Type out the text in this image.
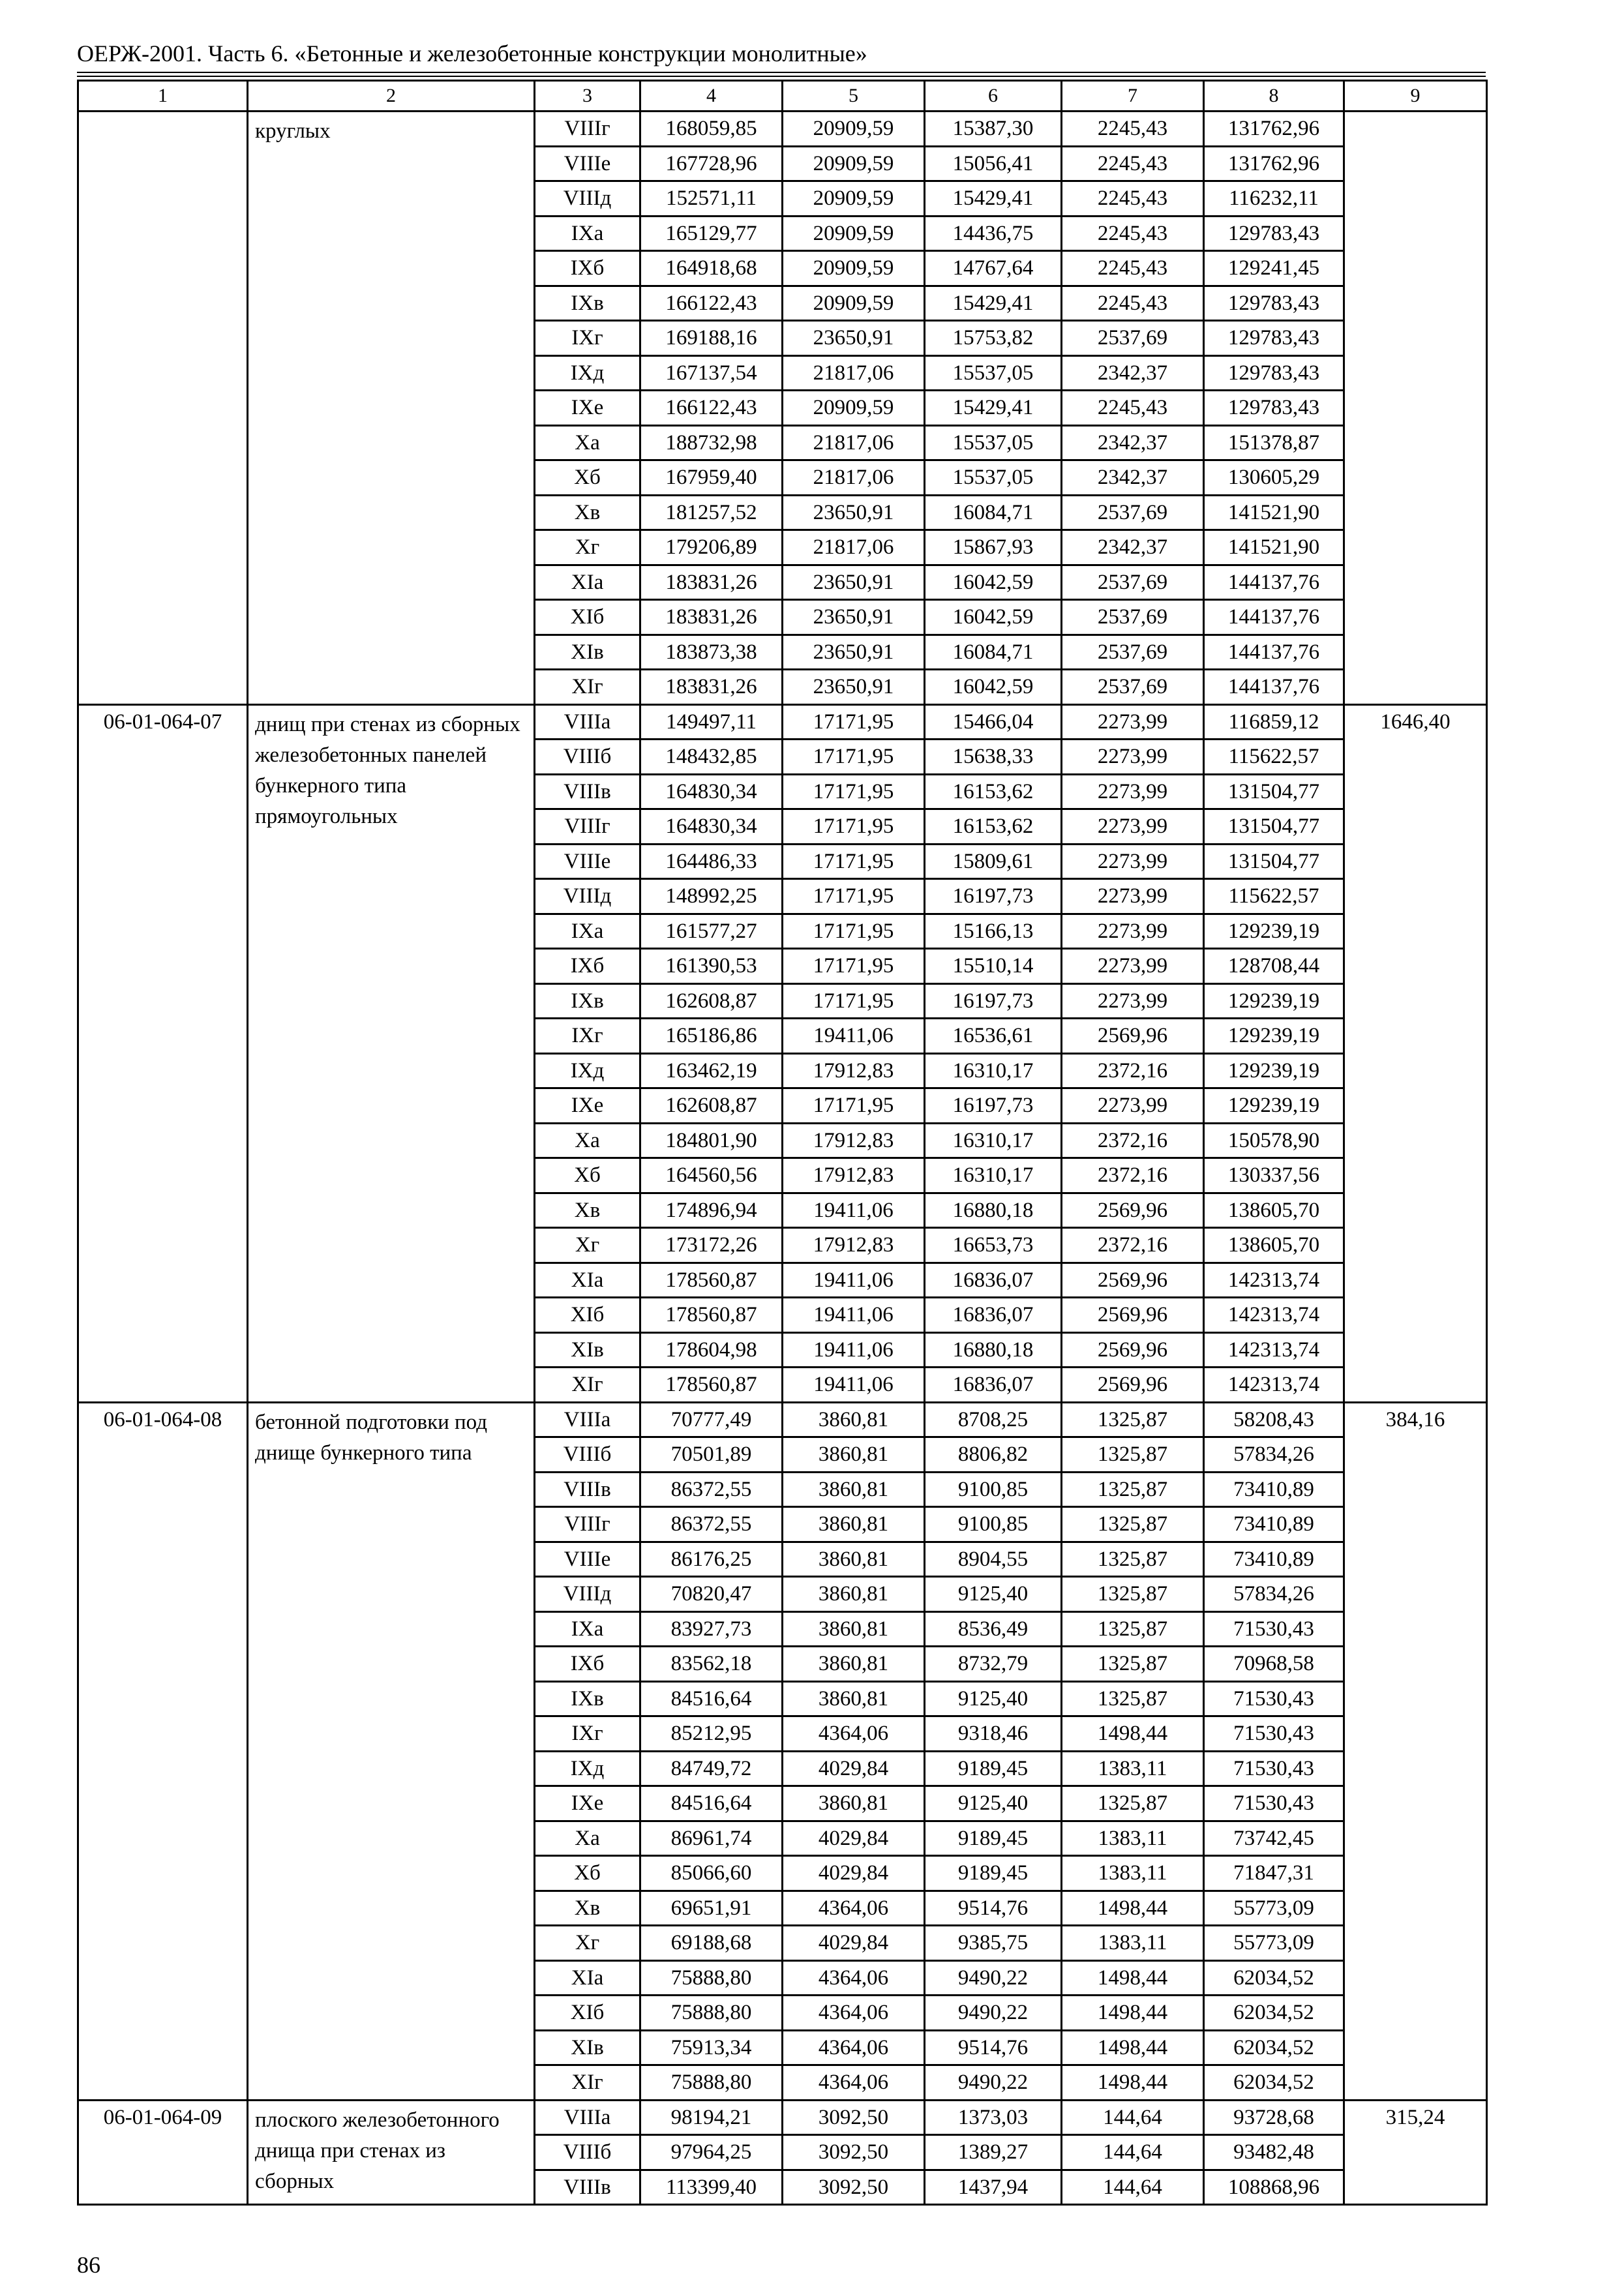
ОЕРЖ-2001. Часть 6. «Бетонные и железобетонные конструкции монолитные»
1	2	3	4	5	6	7	8	9
	круглых	VIIIг	168059,85	20909,59	15387,30	2245,43	131762,96	
		VIIIе	167728,96	20909,59	15056,41	2245,43	131762,96	
		VIIIд	152571,11	20909,59	15429,41	2245,43	116232,11	
		IXа	165129,77	20909,59	14436,75	2245,43	129783,43	
		IXб	164918,68	20909,59	14767,64	2245,43	129241,45	
		IXв	166122,43	20909,59	15429,41	2245,43	129783,43	
		IXг	169188,16	23650,91	15753,82	2537,69	129783,43	
		IXд	167137,54	21817,06	15537,05	2342,37	129783,43	
		IXе	166122,43	20909,59	15429,41	2245,43	129783,43	
		Xа	188732,98	21817,06	15537,05	2342,37	151378,87	
		Xб	167959,40	21817,06	15537,05	2342,37	130605,29	
		Xв	181257,52	23650,91	16084,71	2537,69	141521,90	
		Xг	179206,89	21817,06	15867,93	2342,37	141521,90	
		XIа	183831,26	23650,91	16042,59	2537,69	144137,76	
		XIб	183831,26	23650,91	16042,59	2537,69	144137,76	
		XIв	183873,38	23650,91	16084,71	2537,69	144137,76	
		XIг	183831,26	23650,91	16042,59	2537,69	144137,76	
06-01-064-07	днищ при стенах из сборных железобетонных панелей бункерного типа прямоугольных	VIIIа	149497,11	17171,95	15466,04	2273,99	116859,12	1646,40
		VIIIб	148432,85	17171,95	15638,33	2273,99	115622,57	
		VIIIв	164830,34	17171,95	16153,62	2273,99	131504,77	
		VIIIг	164830,34	17171,95	16153,62	2273,99	131504,77	
		VIIIе	164486,33	17171,95	15809,61	2273,99	131504,77	
		VIIIд	148992,25	17171,95	16197,73	2273,99	115622,57	
		IXа	161577,27	17171,95	15166,13	2273,99	129239,19	
		IXб	161390,53	17171,95	15510,14	2273,99	128708,44	
		IXв	162608,87	17171,95	16197,73	2273,99	129239,19	
		IXг	165186,86	19411,06	16536,61	2569,96	129239,19	
		IXд	163462,19	17912,83	16310,17	2372,16	129239,19	
		IXе	162608,87	17171,95	16197,73	2273,99	129239,19	
		Xа	184801,90	17912,83	16310,17	2372,16	150578,90	
		Xб	164560,56	17912,83	16310,17	2372,16	130337,56	
		Xв	174896,94	19411,06	16880,18	2569,96	138605,70	
		Xг	173172,26	17912,83	16653,73	2372,16	138605,70	
		XIа	178560,87	19411,06	16836,07	2569,96	142313,74	
		XIб	178560,87	19411,06	16836,07	2569,96	142313,74	
		XIв	178604,98	19411,06	16880,18	2569,96	142313,74	
		XIг	178560,87	19411,06	16836,07	2569,96	142313,74	
06-01-064-08	бетонной подготовки под днище бункерного типа	VIIIа	70777,49	3860,81	8708,25	1325,87	58208,43	384,16
		VIIIб	70501,89	3860,81	8806,82	1325,87	57834,26	
		VIIIв	86372,55	3860,81	9100,85	1325,87	73410,89	
		VIIIг	86372,55	3860,81	9100,85	1325,87	73410,89	
		VIIIе	86176,25	3860,81	8904,55	1325,87	73410,89	
		VIIIд	70820,47	3860,81	9125,40	1325,87	57834,26	
		IXа	83927,73	3860,81	8536,49	1325,87	71530,43	
		IXб	83562,18	3860,81	8732,79	1325,87	70968,58	
		IXв	84516,64	3860,81	9125,40	1325,87	71530,43	
		IXг	85212,95	4364,06	9318,46	1498,44	71530,43	
		IXд	84749,72	4029,84	9189,45	1383,11	71530,43	
		IXе	84516,64	3860,81	9125,40	1325,87	71530,43	
		Xа	86961,74	4029,84	9189,45	1383,11	73742,45	
		Xб	85066,60	4029,84	9189,45	1383,11	71847,31	
		Xв	69651,91	4364,06	9514,76	1498,44	55773,09	
		Xг	69188,68	4029,84	9385,75	1383,11	55773,09	
		XIа	75888,80	4364,06	9490,22	1498,44	62034,52	
		XIб	75888,80	4364,06	9490,22	1498,44	62034,52	
		XIв	75913,34	4364,06	9514,76	1498,44	62034,52	
		XIг	75888,80	4364,06	9490,22	1498,44	62034,52	
06-01-064-09	плоского железобетонного днища при стенах из сборных	VIIIа	98194,21	3092,50	1373,03	144,64	93728,68	315,24
		VIIIб	97964,25	3092,50	1389,27	144,64	93482,48	
		VIIIв	113399,40	3092,50	1437,94	144,64	108868,96	
86
